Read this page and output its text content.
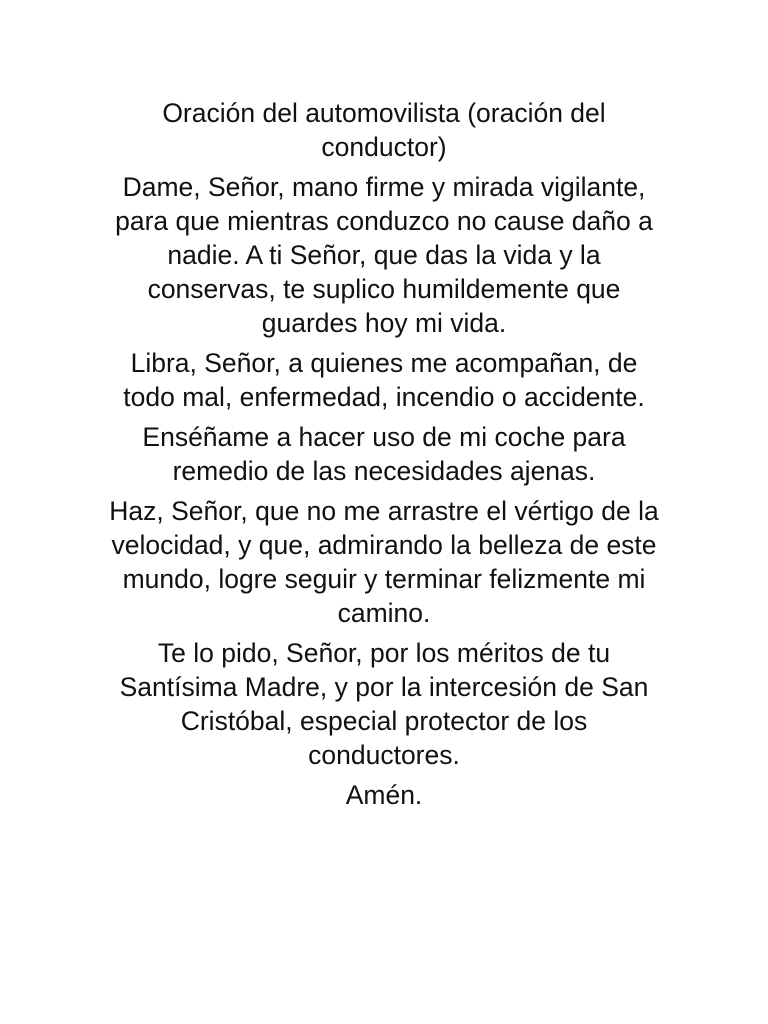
Oración del automovilista (oración del conductor)

Dame, Señor, mano firme y mirada vigilante, para que mientras conduzco no cause daño a nadie. A ti Señor, que das la vida y la conservas, te suplico humildemente que guardes hoy mi vida.

Libra, Señor, a quienes me acompañan, de todo mal, enfermedad, incendio o accidente.

Enséñame a hacer uso de mi coche para remedio de las necesidades ajenas.

Haz, Señor, que no me arrastre el vértigo de la velocidad, y que, admirando la belleza de este mundo, logre seguir y terminar felizmente mi camino.

Te lo pido, Señor, por los méritos de tu Santísima Madre, y por la intercesión de San Cristóbal, especial protector de los conductores.

Amén.
